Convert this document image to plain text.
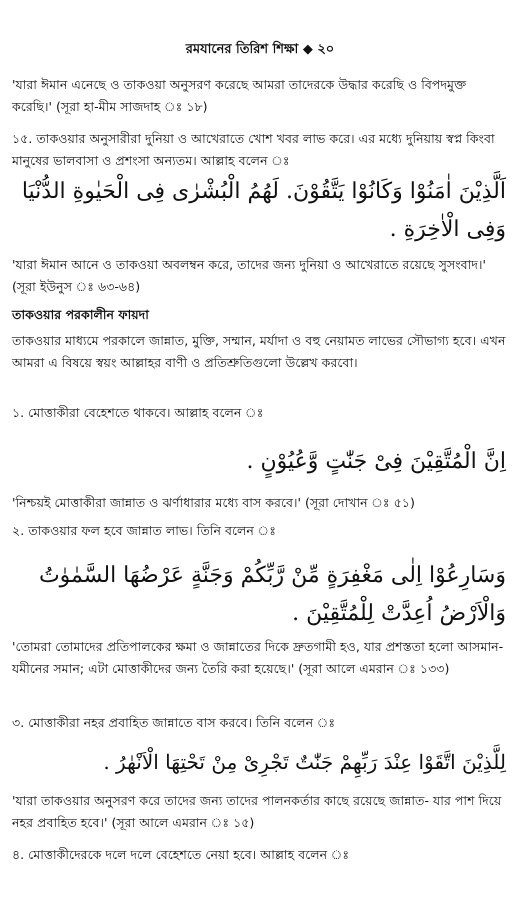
রমযানের তিরিশ শিক্ষা ◆ ২০
'যারা ঈমান এনেছে ও তাকওয়া অনুসরণ করেছে আমরা তাদেরকে উদ্ধার করেছি ও বিপদমুক্ত করেছি।' (সূরা হা-মীম সাজদাহ ঃ ১৮)
১৫. তাকওয়ার অনুসারীরা দুনিয়া ও আখেরাতে খোশ খবর লাভ করে। এর মধ্যে দুনিয়ায় স্বপ্ন কিংবা মানুষের ভালবাসা ও প্রশংসা অন্যতম। আল্লাহ বলেন ঃ
اَلَّذِيْنَ اٰمَنُوْا وَكَانُوْا يَتَّقُوْنَ. لَهُمُ الْبُشْرٰى فِى الْحَيٰوةِ الدُّنْيَا
وَفِى الْاٰخِرَةِ .
'যারা ঈমান আনে ও তাকওয়া অবলম্বন করে, তাদের জন্য দুনিয়া ও আখেরাতে রয়েছে সুসংবাদ।' (সূরা ইউনুস ঃ ৬৩-৬৪)
তাকওয়ার পরকালীন ফায়দা
তাকওয়ার মাধ্যমে পরকালে জান্নাত, মুক্তি, সম্মান, মর্যাদা ও বহু নেয়ামত লাভের সৌভাগ্য হবে। এখন আমরা এ বিষয়ে স্বয়ং আল্লাহর বাণী ও প্রতিশ্রুতিগুলো উল্লেখ করবো।
১. মোত্তাকীরা বেহেশতে থাকবে। আল্লাহ বলেন ঃ
اِنَّ الْمُتَّقِيْنَ فِىْ جَنّٰتٍ وَّعُيُوْنٍ .
'নিশ্চয়ই মোত্তাকীরা জান্নাত ও ঝর্ণাধারার মধ্যে বাস করবে।' (সূরা দোখান ঃ ৫১)
২. তাকওয়ার ফল হবে জান্নাত লাভ। তিনি বলেন ঃ
وَسَارِعُوْا اِلٰى مَغْفِرَةٍ مِّنْ رَّبِّكُمْ وَجَنَّةٍ عَرْضُهَا السَّمٰوٰتُ
وَالْاَرْضُ اُعِدَّتْ لِلْمُتَّقِيْنَ .
'তোমরা তোমাদের প্রতিপালকের ক্ষমা ও জান্নাতের দিকে দ্রুতগামী হও, যার প্রশস্ততা হলো আসমান-যমীনের সমান; এটা মোত্তাকীদের জন্য তৈরি করা হয়েছে।' (সূরা আলে এমরান ঃ ১৩৩)
৩. মোত্তাকীরা নহর প্রবাহিত জান্নাতে বাস করবে। তিনি বলেন ঃ
لِلَّذِيْنَ اتَّقَوْا عِنْدَ رَبِّهِمْ جَنّٰتٌ تَجْرِىْ مِنْ تَحْتِهَا الْاَنْهٰرُ .
'যারা তাকওয়ার অনুসরণ করে তাদের জন্য তাদের পালনকর্তার কাছে রয়েছে জান্নাত- যার পাশ দিয়ে নহর প্রবাহিত হবে।' (সূরা আলে এমরান ঃ ১৫)
৪. মোত্তাকীদেরকে দলে দলে বেহেশতে নেয়া হবে। আল্লাহ বলেন ঃ
